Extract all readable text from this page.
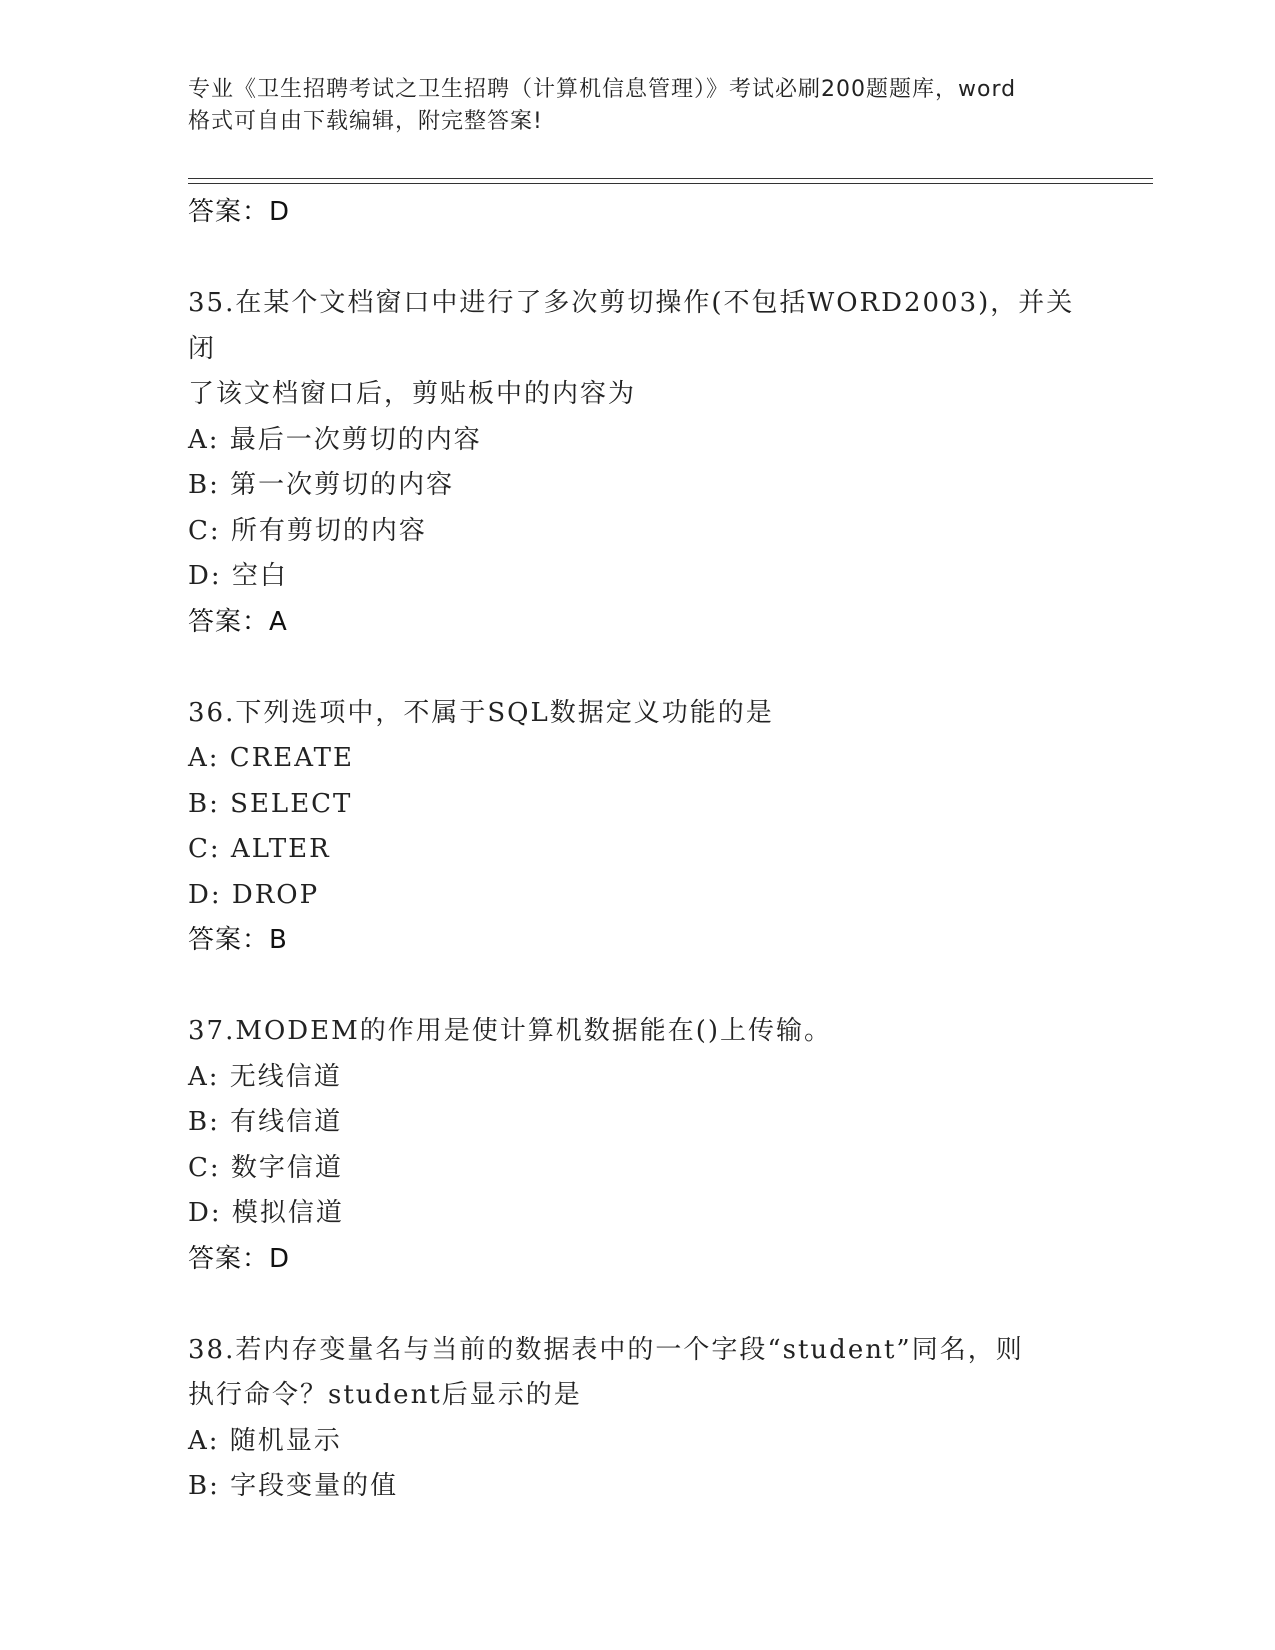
专业《卫生招聘考试之卫生招聘（计算机信息管理）》考试必刷200题题库，word
格式可自由下载编辑，附完整答案!
答案：D
35.在某个文档窗口中进行了多次剪切操作(不包括WORD2003)，并关闭
了该文档窗口后，剪贴板中的内容为
A: 最后一次剪切的内容
B: 第一次剪切的内容
C: 所有剪切的内容
D: 空白
答案：A
36.下列选项中，不属于SQL数据定义功能的是
A: CREATE
B: SELECT
C: ALTER
D: DROP
答案：B
37.MODEM的作用是使计算机数据能在()上传输。
A: 无线信道
B: 有线信道
C: 数字信道
D: 模拟信道
答案：D
38.若内存变量名与当前的数据表中的一个字段“student”同名，则
执行命令？student后显示的是
A: 随机显示
B: 字段变量的值
